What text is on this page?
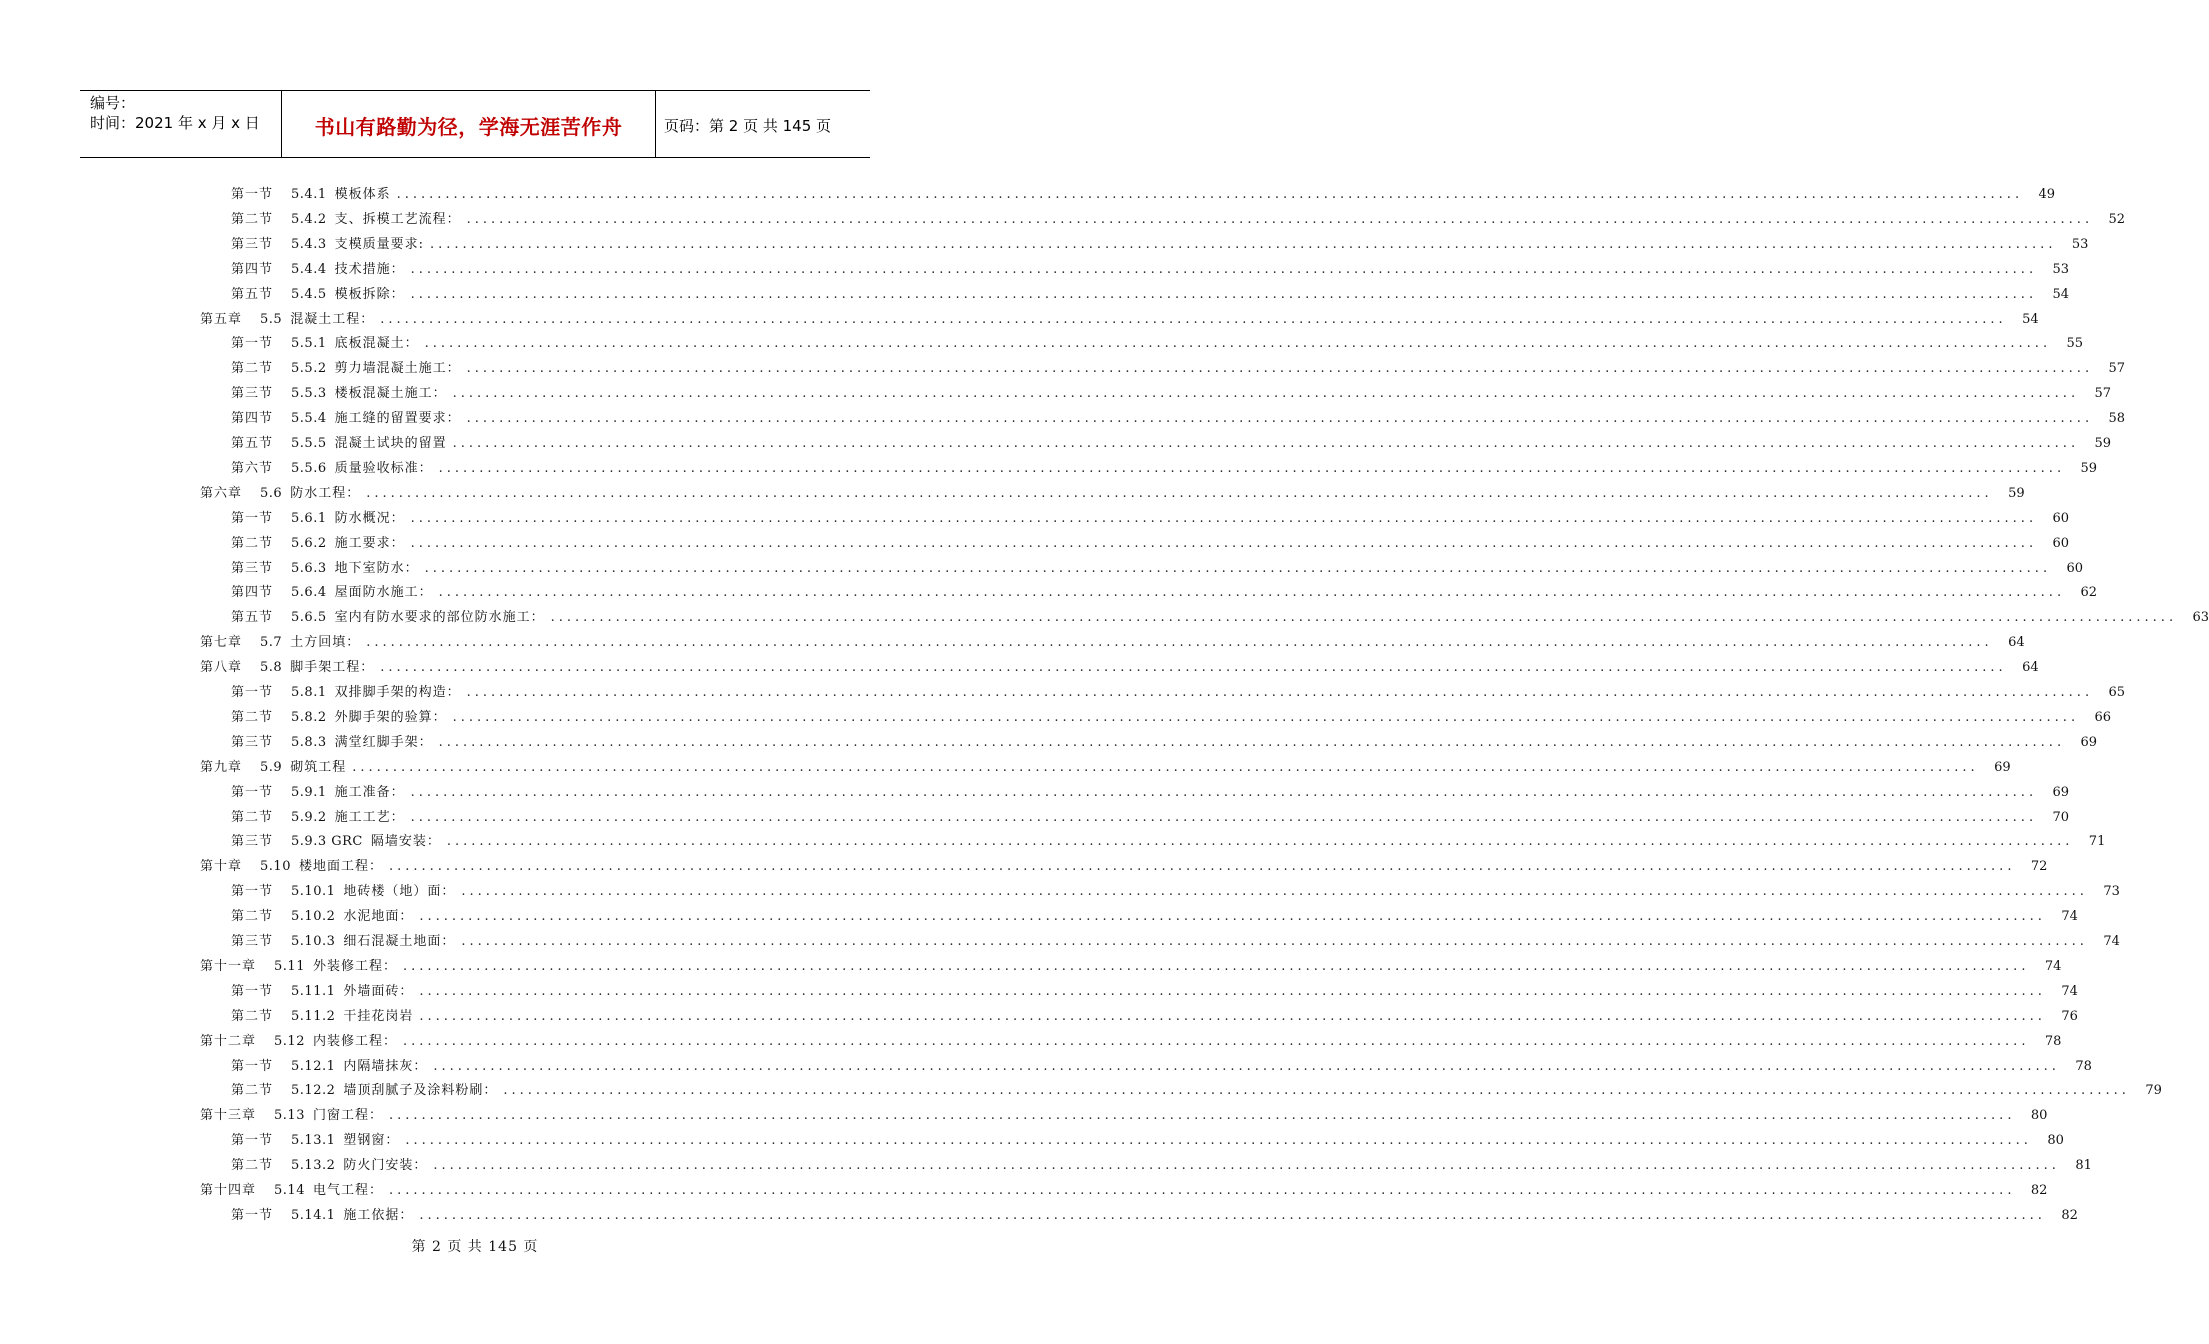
编号：
时间：2021 年 x 月 x 日	书山有路勤为径，学海无涯苦作舟	页码：第 2 页 共 145 页
第一节 5.4.1 模板体系 ........................................................................................................................................................................................................	49
第二节 5.4.2 支、拆模工艺流程： ........................................................................................................................................................................................................	52
第三节 5.4.3 支模质量要求: ........................................................................................................................................................................................................	53
第四节 5.4.4 技术措施： ........................................................................................................................................................................................................	53
第五节 5.4.5 模板拆除： ........................................................................................................................................................................................................	54
第五章 5.5 混凝土工程： ........................................................................................................................................................................................................	54
第一节 5.5.1 底板混凝土： ........................................................................................................................................................................................................	55
第二节 5.5.2 剪力墙混凝土施工： ........................................................................................................................................................................................................	57
第三节 5.5.3 楼板混凝土施工： ........................................................................................................................................................................................................	57
第四节 5.5.4 施工缝的留置要求： ........................................................................................................................................................................................................	58
第五节 5.5.5 混凝土试块的留置 ........................................................................................................................................................................................................	59
第六节 5.5.6 质量验收标准： ........................................................................................................................................................................................................	59
第六章 5.6 防水工程： ........................................................................................................................................................................................................	59
第一节 5.6.1 防水概况： ........................................................................................................................................................................................................	60
第二节 5.6.2 施工要求： ........................................................................................................................................................................................................	60
第三节 5.6.3 地下室防水： ........................................................................................................................................................................................................	60
第四节 5.6.4 屋面防水施工： ........................................................................................................................................................................................................	62
第五节 5.6.5 室内有防水要求的部位防水施工： ........................................................................................................................................................................................................	63
第七章 5.7 土方回填： ........................................................................................................................................................................................................	64
第八章 5.8 脚手架工程： ........................................................................................................................................................................................................	64
第一节 5.8.1 双排脚手架的构造： ........................................................................................................................................................................................................	65
第二节 5.8.2 外脚手架的验算： ........................................................................................................................................................................................................	66
第三节 5.8.3 满堂红脚手架： ........................................................................................................................................................................................................	69
第九章 5.9 砌筑工程 ........................................................................................................................................................................................................	69
第一节 5.9.1 施工准备： ........................................................................................................................................................................................................	69
第二节 5.9.2 施工工艺： ........................................................................................................................................................................................................	70
第三节 5.9.3 GRC 隔墙安装： ........................................................................................................................................................................................................	71
第十章 5.10 楼地面工程： ........................................................................................................................................................................................................	72
第一节 5.10.1 地砖楼（地）面： ........................................................................................................................................................................................................	73
第二节 5.10.2 水泥地面： ........................................................................................................................................................................................................	74
第三节 5.10.3 细石混凝土地面： ........................................................................................................................................................................................................	74
第十一章 5.11 外装修工程： ........................................................................................................................................................................................................	74
第一节 5.11.1 外墙面砖： ........................................................................................................................................................................................................	74
第二节 5.11.2 干挂花岗岩 ........................................................................................................................................................................................................	76
第十二章 5.12 内装修工程： ........................................................................................................................................................................................................	78
第一节 5.12.1 内隔墙抹灰： ........................................................................................................................................................................................................	78
第二节 5.12.2 墙顶刮腻子及涂料粉刷： ........................................................................................................................................................................................................	79
第十三章 5.13 门窗工程： ........................................................................................................................................................................................................	80
第一节 5.13.1 塑钢窗： ........................................................................................................................................................................................................	80
第二节 5.13.2 防火门安装： ........................................................................................................................................................................................................	81
第十四章 5.14 电气工程： ........................................................................................................................................................................................................	82
第一节 5.14.1 施工依据： ........................................................................................................................................................................................................	82
第 2 页 共 145 页
